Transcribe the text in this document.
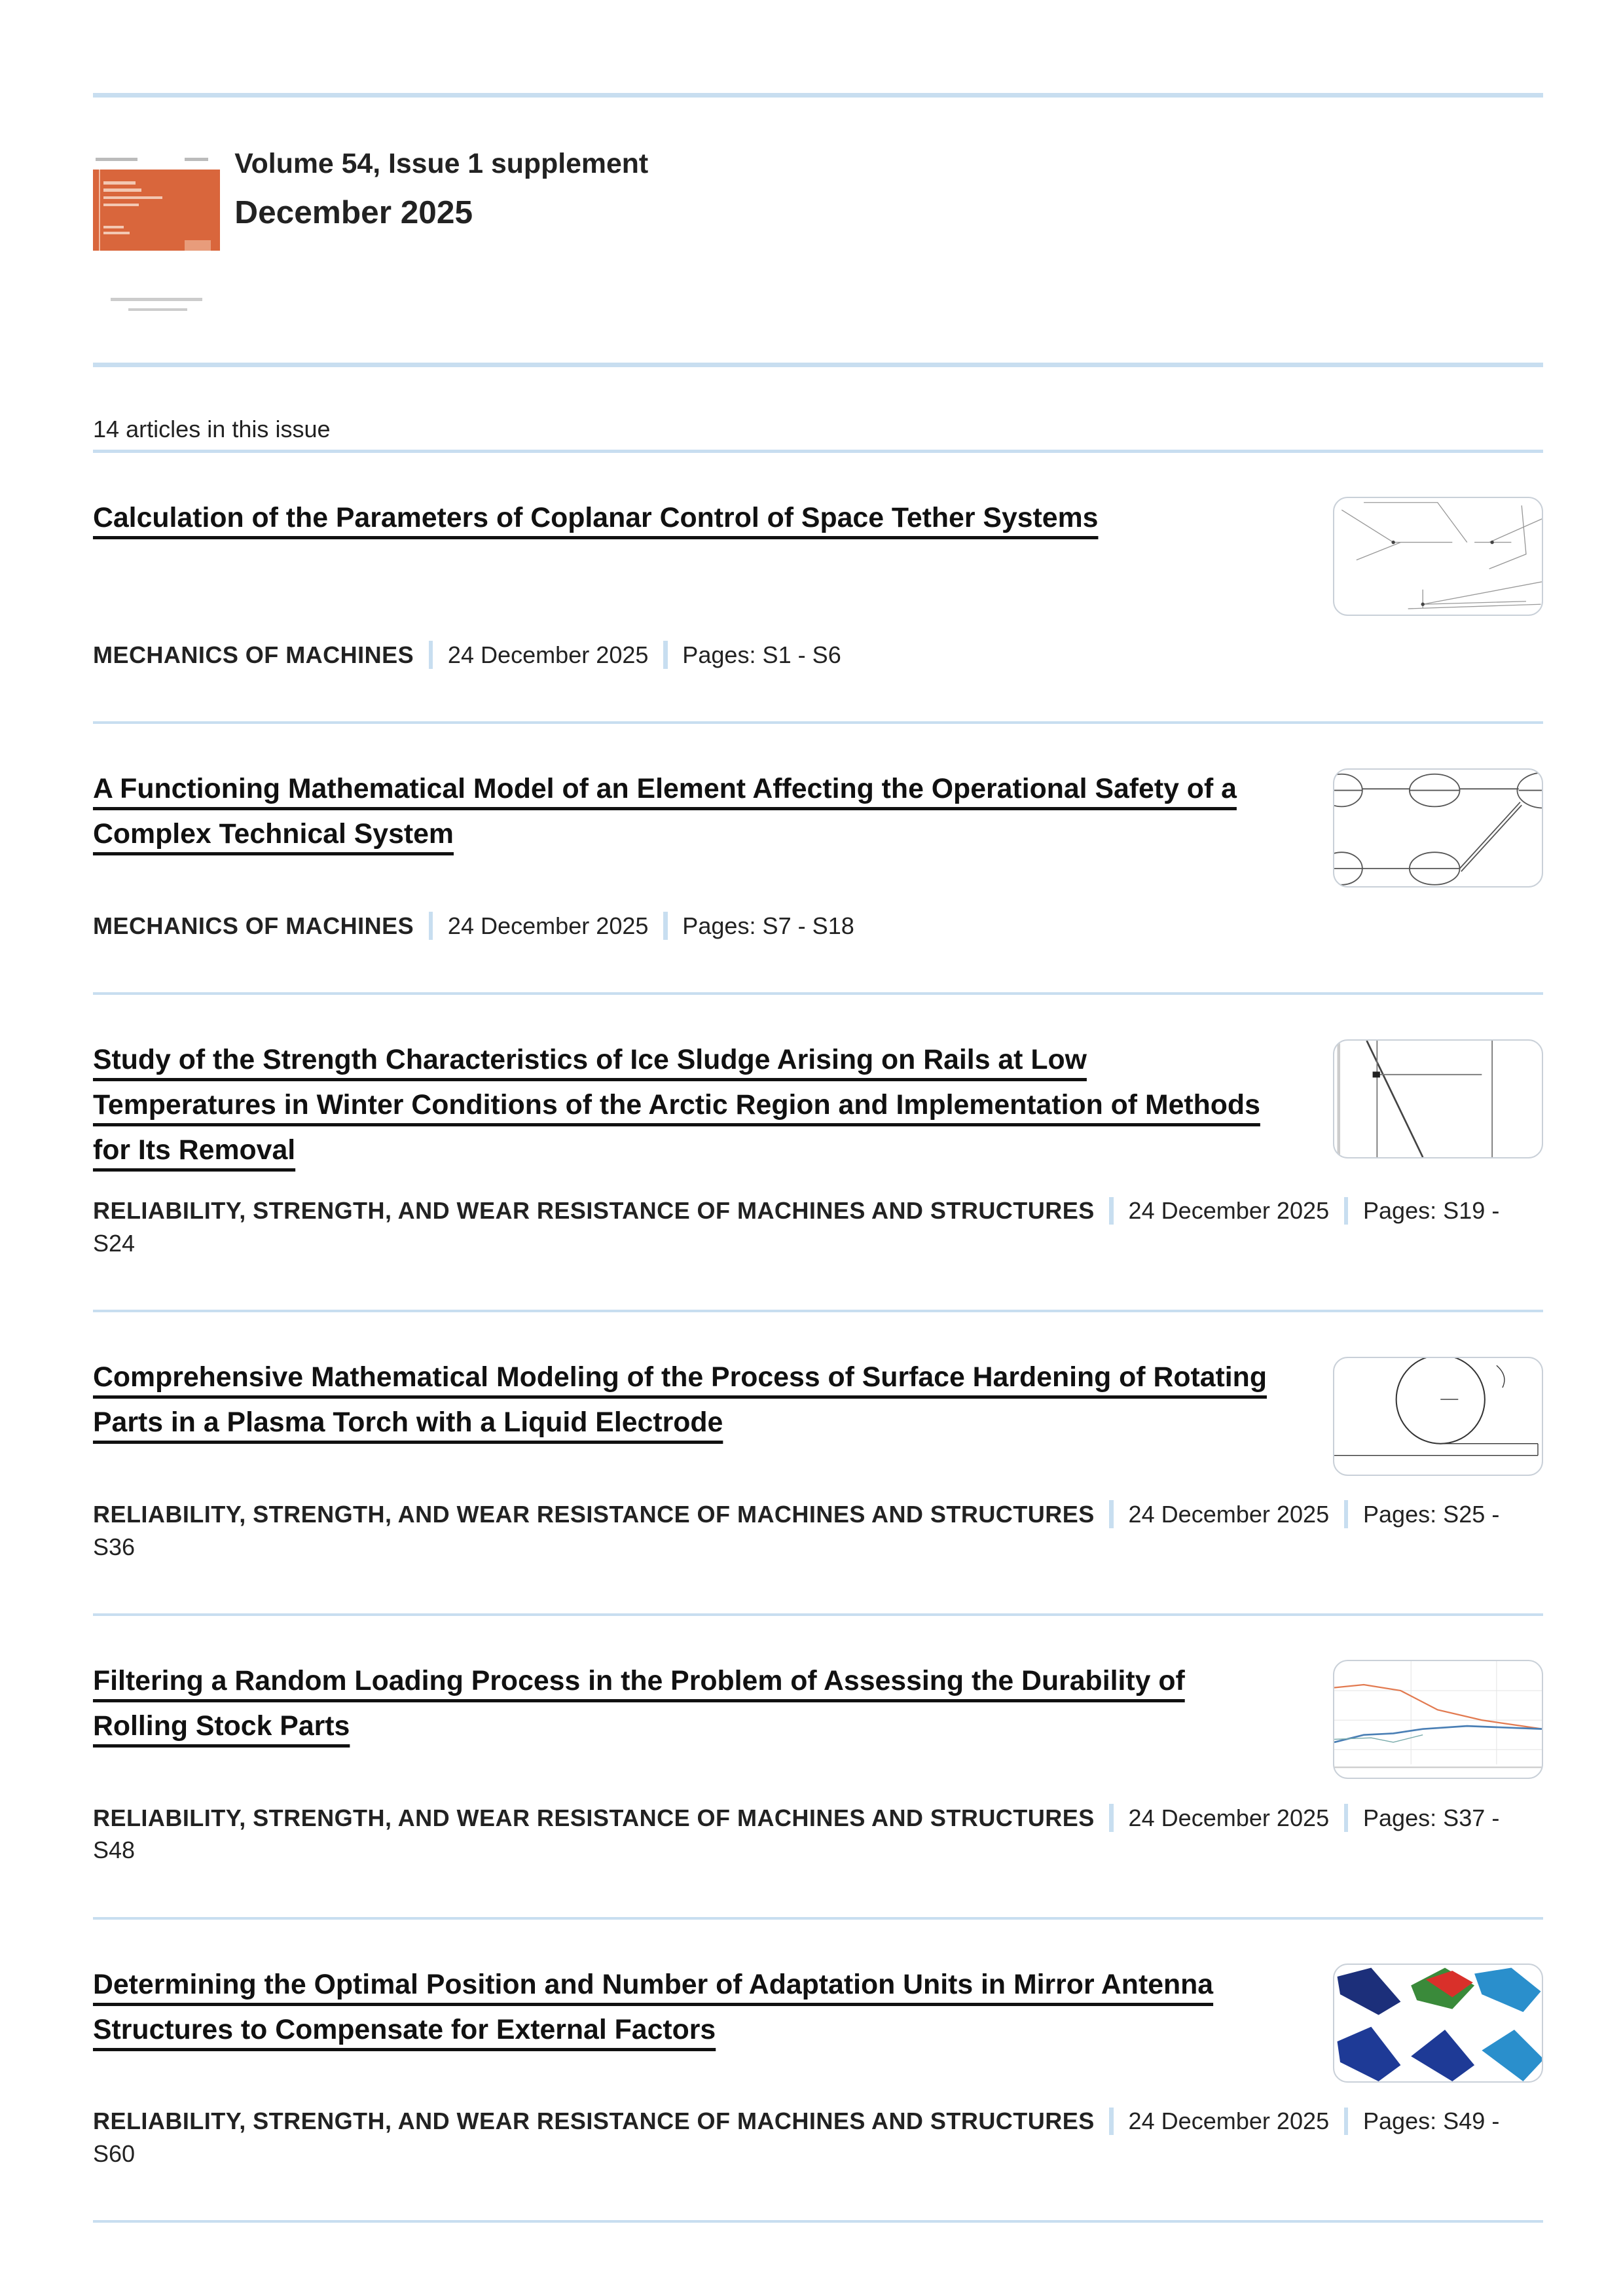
Volume 54, Issue 1 supplement
December 2025
14 articles in this issue
Calculation of the Parameters of Coplanar Control of Space Tether Systems
MECHANICS OF MACHINES	24 December 2025	Pages: S1 - S6
A Functioning Mathematical Model of an Element Affecting the Operational Safety of a Complex Technical System
MECHANICS OF MACHINES	24 December 2025	Pages: S7 - S18
Study of the Strength Characteristics of Ice Sludge Arising on Rails at Low Temperatures in Winter Conditions of the Arctic Region and Implementation of Methods for Its Removal
RELIABILITY, STRENGTH, AND WEAR RESISTANCE OF MACHINES AND STRUCTURES	24 December 2025	Pages: S19 - S24
Comprehensive Mathematical Modeling of the Process of Surface Hardening of Rotating Parts in a Plasma Torch with a Liquid Electrode
RELIABILITY, STRENGTH, AND WEAR RESISTANCE OF MACHINES AND STRUCTURES	24 December 2025	Pages: S25 - S36
Filtering a Random Loading Process in the Problem of Assessing the Durability of Rolling Stock Parts
RELIABILITY, STRENGTH, AND WEAR RESISTANCE OF MACHINES AND STRUCTURES	24 December 2025	Pages: S37 - S48
Determining the Optimal Position and Number of Adaptation Units in Mirror Antenna Structures to Compensate for External Factors
RELIABILITY, STRENGTH, AND WEAR RESISTANCE OF MACHINES AND STRUCTURES	24 December 2025	Pages: S49 - S60
